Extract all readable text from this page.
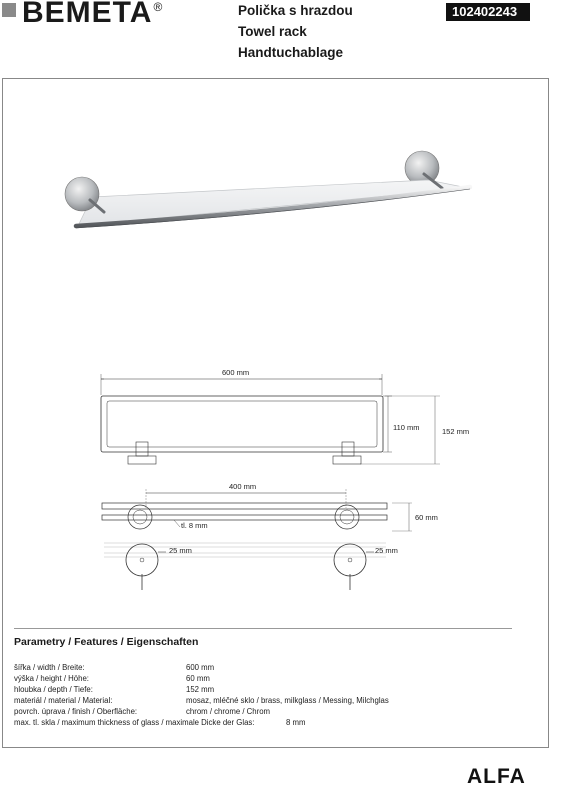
BEMETA®	Polička s hrazdou
Towel rack
Handtuchablage
102402243
600 mm
110 mm	152 mm
400 mm
tl. 8 mm
60 mm
25 mm	25 mm
Parametry / Features / Eigenschaften
šířka / width / Breite:	600 mm
výška / height / Höhe:	60 mm
hloubka / depth / Tiefe:	152 mm
materiál / material / Material:	mosaz, mléčné sklo / brass, milkglass / Messing, Milchglas
povrch. úprava / finish / Oberfläche:	chrom / chrome / Chrom
max. tl. skla / maximum thickness of glass / maximale Dicke der Glas:	8 mm
ALFA
